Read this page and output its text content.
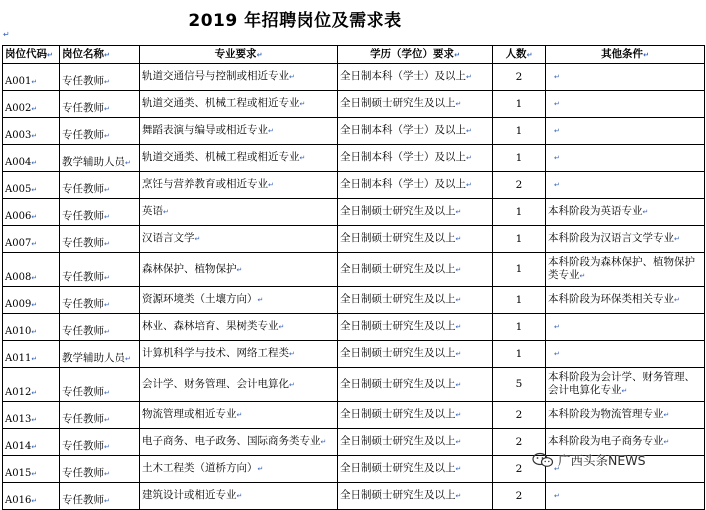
2019 年招聘岗位及需求表
↵
岗位代码↵	岗位名称↵	专业要求↵	学历（学位）要求↵	人数↵	其他条件↵
A001↵	专任教师↵	轨道交通信号与控制或相近专业↵	全日制本科（学士）及以上↵	2	↵
A002↵	专任教师↵	轨道交通类、机械工程或相近专业↵	全日制硕士研究生及以上↵	1	↵
A003↵	专任教师↵	舞蹈表演与编导或相近专业↵	全日制本科（学士）及以上↵	1	↵
A004↵	教学辅助人员↵	轨道交通类、机械工程或相近专业↵	全日制本科（学士）及以上↵	1	↵
A005↵	专任教师↵	烹饪与营养教育或相近专业↵	全日制本科（学士）及以上↵	2	↵
A006↵	专任教师↵	英语↵	全日制硕士研究生及以上↵	1	本科阶段为英语专业↵
A007↵	专任教师↵	汉语言文学↵	全日制硕士研究生及以上↵	1	本科阶段为汉语言文学专业↵
A008↵	专任教师↵	森林保护、植物保护↵	全日制硕士研究生及以上↵	1	本科阶段为森林保护、植物保护类专业↵
A009↵	专任教师↵	资源环境类（土壤方向）↵	全日制硕士研究生及以上↵	1	本科阶段为环保类相关专业↵
A010↵	专任教师↵	林业、森林培育、果树类专业↵	全日制硕士研究生及以上↵	1	↵
A011↵	教学辅助人员↵	计算机科学与技术、网络工程类↵	全日制硕士研究生及以上↵	1	↵
A012↵	专任教师↵	会计学、财务管理、会计电算化↵	全日制硕士研究生及以上↵	5	本科阶段为会计学、财务管理、会计电算化专业↵
A013↵	专任教师↵	物流管理或相近专业↵	全日制硕士研究生及以上↵	2	本科阶段为物流管理专业↵
A014↵	专任教师↵	电子商务、电子政务、国际商务类专业↵	全日制硕士研究生及以上↵	2	本科阶段为电子商务专业↵
A015↵	专任教师↵	土木工程类（道桥方向）↵	全日制硕士研究生及以上↵	2	↵
A016↵	专任教师↵	建筑设计或相近专业↵	全日制硕士研究生及以上↵	2	↵
广西头条NEWS
